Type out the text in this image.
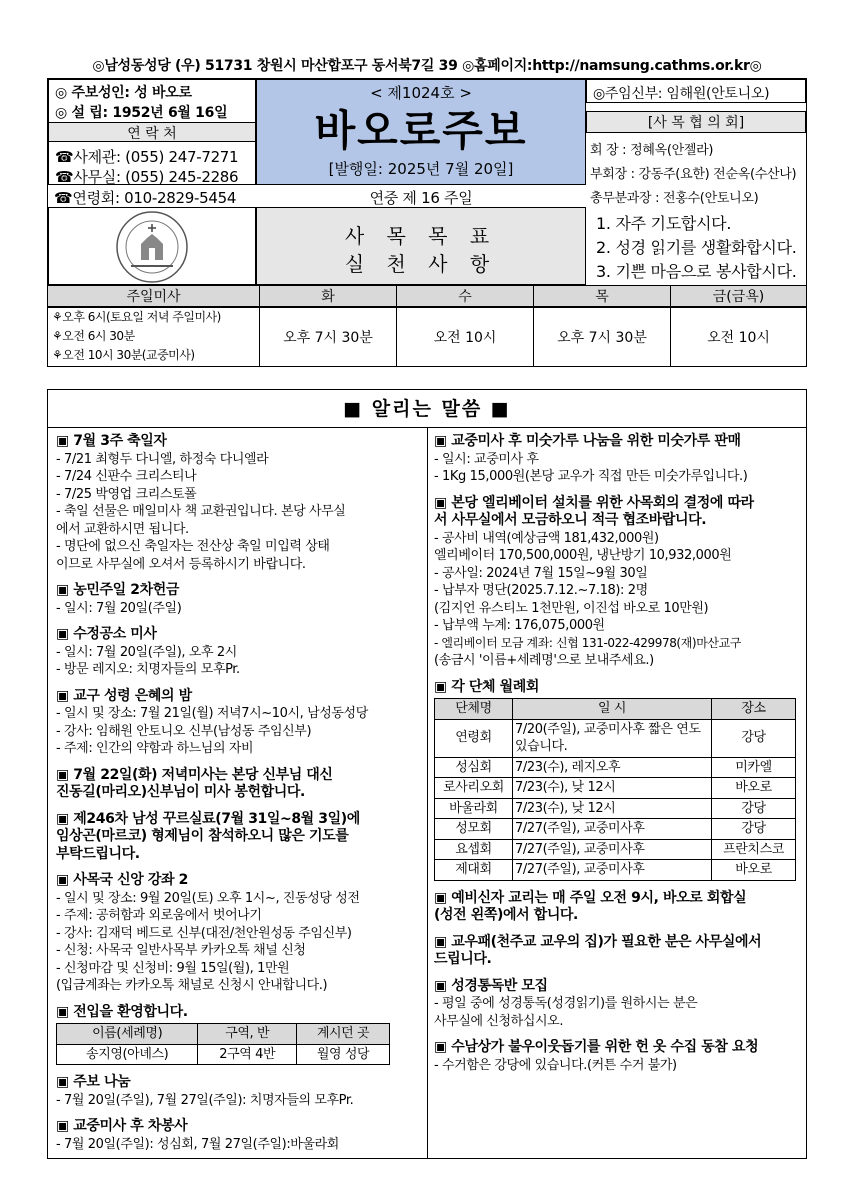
◎남성동성당 (우) 51731 창원시 마산합포구 동서북7길 39 ◎홈페이지:http://namsung.cathms.or.kr◎
◎ 주보성인: 성 바오로
◎ 설 립: 1952년 6월 16일
연 락 처
☎사제관: (055) 247-7271
☎사무실: (055) 245-2286
☎연령회: 010-2829-5454
< 제1024호 >
바오로주보
[발행일: 2025년 7월 20일]
연중 제 16 주일
◎주임신부: 임해원(안토니오)
[사 목 협 의 회]
회 장 : 정혜옥(안젤라)
부회장 : 강동주(요한) 전순옥(수산나)
총무분과장 : 전홍수(안토니오)
사 목 목 표
실 천 사 항
1. 자주 기도합시다.
2. 성경 읽기를 생활화합시다.
3. 기쁜 마음으로 봉사합시다.
주일미사	화	수	목	금(금욕)

⚘오후 6시(토요일 저녁 주일미사)
⚘오전 6시 30분
⚘오전 10시 30분(교중미사)	오후 7시 30분	오전 10시	오후 7시 30분	오전 10시
■ 알리는 말씀 ■
▣ 7월 3주 축일자
- 7/21 최형두 다니엘, 하정숙 다니엘라
- 7/24 신판수 크리스티나
- 7/25 박영업 크리스토폴
- 축일 선물은 매일미사 책 교환권입니다. 본당 사무실
에서 교환하시면 됩니다.
- 명단에 없으신 축일자는 전산상 축일 미입력 상태
이므로 사무실에 오셔서 등록하시기 바랍니다.
▣ 농민주일 2차헌금
- 일시: 7월 20일(주일)
▣ 수정공소 미사
- 일시: 7월 20일(주일), 오후 2시
- 방문 레지오: 치명자들의 모후Pr.
▣ 교구 성령 은혜의 밤
- 일시 및 장소: 7월 21일(월) 저녁7시~10시, 남성동성당
- 강사: 임해원 안토니오 신부(남성동 주임신부)
- 주제: 인간의 약함과 하느님의 자비
▣ 7월 22일(화) 저녁미사는 본당 신부님 대신
진동길(마리오)신부님이 미사 봉헌합니다.
▣ 제246차 남성 꾸르실료(7월 31일~8월 3일)에
임상곤(마르코) 형제님이 참석하오니 많은 기도를
부탁드립니다.
▣ 사목국 신앙 강좌 2
- 일시 및 장소: 9월 20일(토) 오후 1시~, 진동성당 성전
- 주제: 공허함과 외로움에서 벗어나기
- 강사: 김재덕 베드로 신부(대전/천안원성동 주임신부)
- 신청: 사목국 일반사목부 카카오톡 채널 신청
- 신청마감 및 신청비: 9월 15일(월), 1만원
(입금계좌는 카카오톡 채널로 신청시 안내합니다.)
▣ 전입을 환영합니다.
이름(세례명)	구역, 반	계시던 곳
송지영(아녜스)	2구역 4반	월영 성당
▣ 주보 나눔
- 7월 20일(주일), 7월 27일(주일): 치명자들의 모후Pr.
▣ 교중미사 후 차봉사
- 7월 20일(주일): 성심회, 7월 27일(주일):바울라회
▣ 교중미사 후 미숫가루 나눔을 위한 미숫가루 판매
- 일시: 교중미사 후
- 1Kg 15,000원(본당 교우가 직접 만든 미숫가루입니다.)
▣ 본당 엘리베이터 설치를 위한 사목회의 결정에 따라
서 사무실에서 모금하오니 적극 협조바랍니다.
- 공사비 내역(예상금액 181,432,000원)
엘리베이터 170,500,000원, 냉난방기 10,932,000원
- 공사일: 2024년 7월 15일~9월 30일
- 납부자 명단(2025.7.12.~7.18): 2명
(김지언 유스티노 1천만원, 이진섭 바오로 10만원)
- 납부액 누계: 176,075,000원
- 엘리베이터 모금 계좌: 신협 131-022-429978(재)마산교구
(송금시 '이름+세례명'으로 보내주세요.)
▣ 각 단체 월례회
단체명	일 시	장소
연령회	7/20(주일), 교중미사후 짧은 연도 있습니다.	강당
성심회	7/23(수), 레지오후	미카엘
로사리오회	7/23(수), 낮 12시	바오로
바울라회	7/23(수), 낮 12시	강당
성모회	7/27(주일), 교중미사후	강당
요셉회	7/27(주일), 교중미사후	프란치스코
제대회	7/27(주일), 교중미사후	바오로
▣ 예비신자 교리는 매 주일 오전 9시, 바오로 회합실
(성전 왼쪽)에서 합니다.
▣ 교우패(천주교 교우의 집)가 필요한 분은 사무실에서
드립니다.
▣ 성경통독반 모집
- 평일 중에 성경통독(성경읽기)를 원하시는 분은
사무실에 신청하십시오.
▣ 수남상가 불우이웃돕기를 위한 헌 옷 수집 동참 요청
- 수거함은 강당에 있습니다.(커튼 수거 불가)
